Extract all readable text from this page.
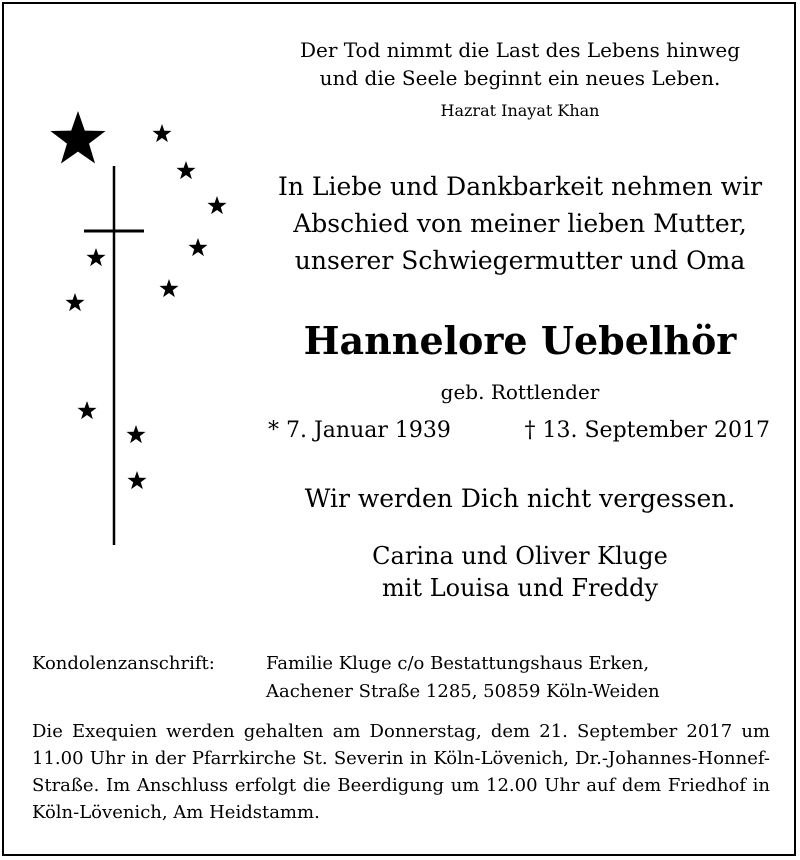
Der Tod nimmt die Last des Lebens hinweg
und die Seele beginnt ein neues Leben.
Hazrat Inayat Khan
In Liebe und Dankbarkeit nehmen wir
Abschied von meiner lieben Mutter,
unserer Schwiegermutter und Oma
Hannelore Uebelhör
geb. Rottlender
* 7. Januar 1939	† 13. September 2017
Wir werden Dich nicht vergessen.
Carina und Oliver Kluge
mit Louisa und Freddy
Kondolenzanschrift:	Familie Kluge c/o Bestattungshaus Erken,
Aachener Straße 1285, 50859 Köln-Weiden
Die Exequien werden gehalten am Donnerstag, dem 21. September 2017 um 11.00 Uhr in der Pfarrkirche St. Severin in Köln-Lövenich, Dr.-Johannes-Honnef-Straße. Im Anschluss erfolgt die Beerdigung um 12.00 Uhr auf dem Friedhof in Köln-Lövenich, Am Heidstamm.
